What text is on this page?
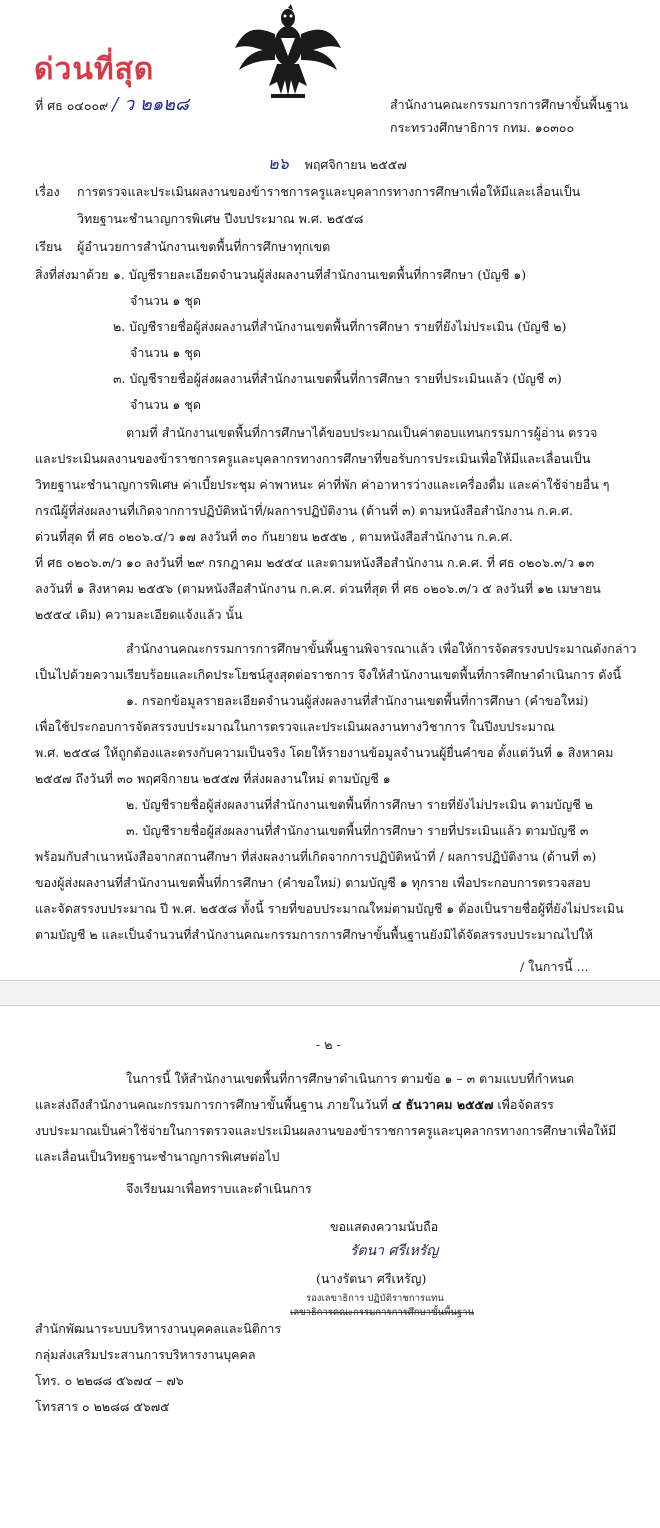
ด่วนที่สุด
ที่ ศธ ๐๔๐๐๙ / ว ๒๑๒๘	สำนักงานคณะกรรมการการศึกษาขั้นพื้นฐาน
กระทรวงศึกษาธิการ กทม. ๑๐๓๐๐
๒๖ พฤศจิกายน ๒๕๕๗
เรื่อง การตรวจและประเมินผลงานของข้าราชการครูและบุคลากรทางการศึกษาเพื่อให้มีและเลื่อนเป็น
วิทยฐานะชำนาญการพิเศษ ปีงบประมาณ พ.ศ. ๒๕๕๘
เรียน ผู้อำนวยการสำนักงานเขตพื้นที่การศึกษาทุกเขต
สิ่งที่ส่งมาด้วย ๑. บัญชีรายละเอียดจำนวนผู้ส่งผลงานที่สำนักงานเขตพื้นที่การศึกษา (บัญชี ๑)
จำนวน ๑ ชุด
๒. บัญชีรายชื่อผู้ส่งผลงานที่สำนักงานเขตพื้นที่การศึกษา รายที่ยังไม่ประเมิน (บัญชี ๒)
จำนวน ๑ ชุด
๓. บัญชีรายชื่อผู้ส่งผลงานที่สำนักงานเขตพื้นที่การศึกษา รายที่ประเมินแล้ว (บัญชี ๓)
จำนวน ๑ ชุด
ตามที่ สำนักงานเขตพื้นที่การศึกษาได้ขอบประมาณเป็นค่าตอบแทนกรรมการผู้อ่าน ตรวจ
และประเมินผลงานของข้าราชการครูและบุคลากรทางการศึกษาที่ขอรับการประเมินเพื่อให้มีและเลื่อนเป็น
วิทยฐานะชำนาญการพิเศษ ค่าเบี้ยประชุม ค่าพาหนะ ค่าที่พัก ค่าอาหารว่างและเครื่องดื่ม และค่าใช้จ่ายอื่น ๆ
กรณีผู้ที่ส่งผลงานที่เกิดจากการปฏิบัติหน้าที่/ผลการปฏิบัติงาน (ด้านที่ ๓) ตามหนังสือสำนักงาน ก.ค.ศ.
ด่วนที่สุด ที่ ศธ ๐๒๐๖.๔/ว ๑๗ ลงวันที่ ๓๐ กันยายน ๒๕๕๒ , ตามหนังสือสำนักงาน ก.ค.ศ.
ที่ ศธ ๐๒๐๖.๓/ว ๑๐ ลงวันที่ ๒๙ กรกฎาคม ๒๕๕๔ และตามหนังสือสำนักงาน ก.ค.ศ. ที่ ศธ ๐๒๐๖.๓/ว ๑๓
ลงวันที่ ๑ สิงหาคม ๒๕๕๖ (ตามหนังสือสำนักงาน ก.ค.ศ. ด่วนที่สุด ที่ ศธ ๐๒๐๖.๓/ว ๕ ลงวันที่ ๑๒ เมษายน
๒๕๕๔ เดิม) ความละเอียดแจ้งแล้ว นั้น
สำนักงานคณะกรรมการการศึกษาขั้นพื้นฐานพิจารณาแล้ว เพื่อให้การจัดสรรงบประมาณดังกล่าว
เป็นไปด้วยความเรียบร้อยและเกิดประโยชน์สูงสุดต่อราชการ จึงให้สำนักงานเขตพื้นที่การศึกษาดำเนินการ ดังนี้
๑. กรอกข้อมูลรายละเอียดจำนวนผู้ส่งผลงานที่สำนักงานเขตพื้นที่การศึกษา (คำขอใหม่)
เพื่อใช้ประกอบการจัดสรรงบประมาณในการตรวจและประเมินผลงานทางวิชาการ ในปีงบประมาณ
พ.ศ. ๒๕๕๘ ให้ถูกต้องและตรงกับความเป็นจริง โดยให้รายงานข้อมูลจำนวนผู้ยื่นคำขอ ตั้งแต่วันที่ ๑ สิงหาคม
๒๕๕๗ ถึงวันที่ ๓๐ พฤศจิกายน ๒๕๕๗ ที่ส่งผลงานใหม่ ตามบัญชี ๑
๒. บัญชีรายชื่อผู้ส่งผลงานที่สำนักงานเขตพื้นที่การศึกษา รายที่ยังไม่ประเมิน ตามบัญชี ๒
๓. บัญชีรายชื่อผู้ส่งผลงานที่สำนักงานเขตพื้นที่การศึกษา รายที่ประเมินแล้ว ตามบัญชี ๓
พร้อมกับสำเนาหนังสือจากสถานศึกษา ที่ส่งผลงานที่เกิดจากการปฏิบัติหน้าที่ / ผลการปฏิบัติงาน (ด้านที่ ๓)
ของผู้ส่งผลงานที่สำนักงานเขตพื้นที่การศึกษา (คำขอใหม่) ตามบัญชี ๑ ทุกราย เพื่อประกอบการตรวจสอบ
และจัดสรรงบประมาณ ปี พ.ศ. ๒๕๕๘ ทั้งนี้ รายที่ขอบประมาณใหม่ตามบัญชี ๑ ต้องเป็นรายชื่อผู้ที่ยังไม่ประเมิน
ตามบัญชี ๒ และเป็นจำนวนที่สำนักงานคณะกรรมการการศึกษาขั้นพื้นฐานยังมิได้จัดสรรงบประมาณไปให้
/ ในการนี้ ...
- ๒ -
ในการนี้ ให้สำนักงานเขตพื้นที่การศึกษาดำเนินการ ตามข้อ ๑ – ๓ ตามแบบที่กำหนด
และส่งถึงสำนักงานคณะกรรมการการศึกษาขั้นพื้นฐาน ภายในวันที่ ๔ ธันวาคม ๒๕๕๗ เพื่อจัดสรร
งบประมาณเป็นค่าใช้จ่ายในการตรวจและประเมินผลงานของข้าราชการครูและบุคลากรทางการศึกษาเพื่อให้มี
และเลื่อนเป็นวิทยฐานะชำนาญการพิเศษต่อไป
จึงเรียนมาเพื่อทราบและดำเนินการ
ขอแสดงความนับถือ
รัตนา ศรีเหรัญ
(นางรัตนา ศรีเหรัญ)
รองเลขาธิการ ปฏิบัติราชการแทน
เลขาธิการคณะกรรมการการศึกษาขั้นพื้นฐาน
สำนักพัฒนาระบบบริหารงานบุคคลและนิติการ
กลุ่มส่งเสริมประสานการบริหารงานบุคคล
โทร. ๐ ๒๒๘๘ ๕๖๗๔ – ๗๖
โทรสาร ๐ ๒๒๘๘ ๕๖๗๕
